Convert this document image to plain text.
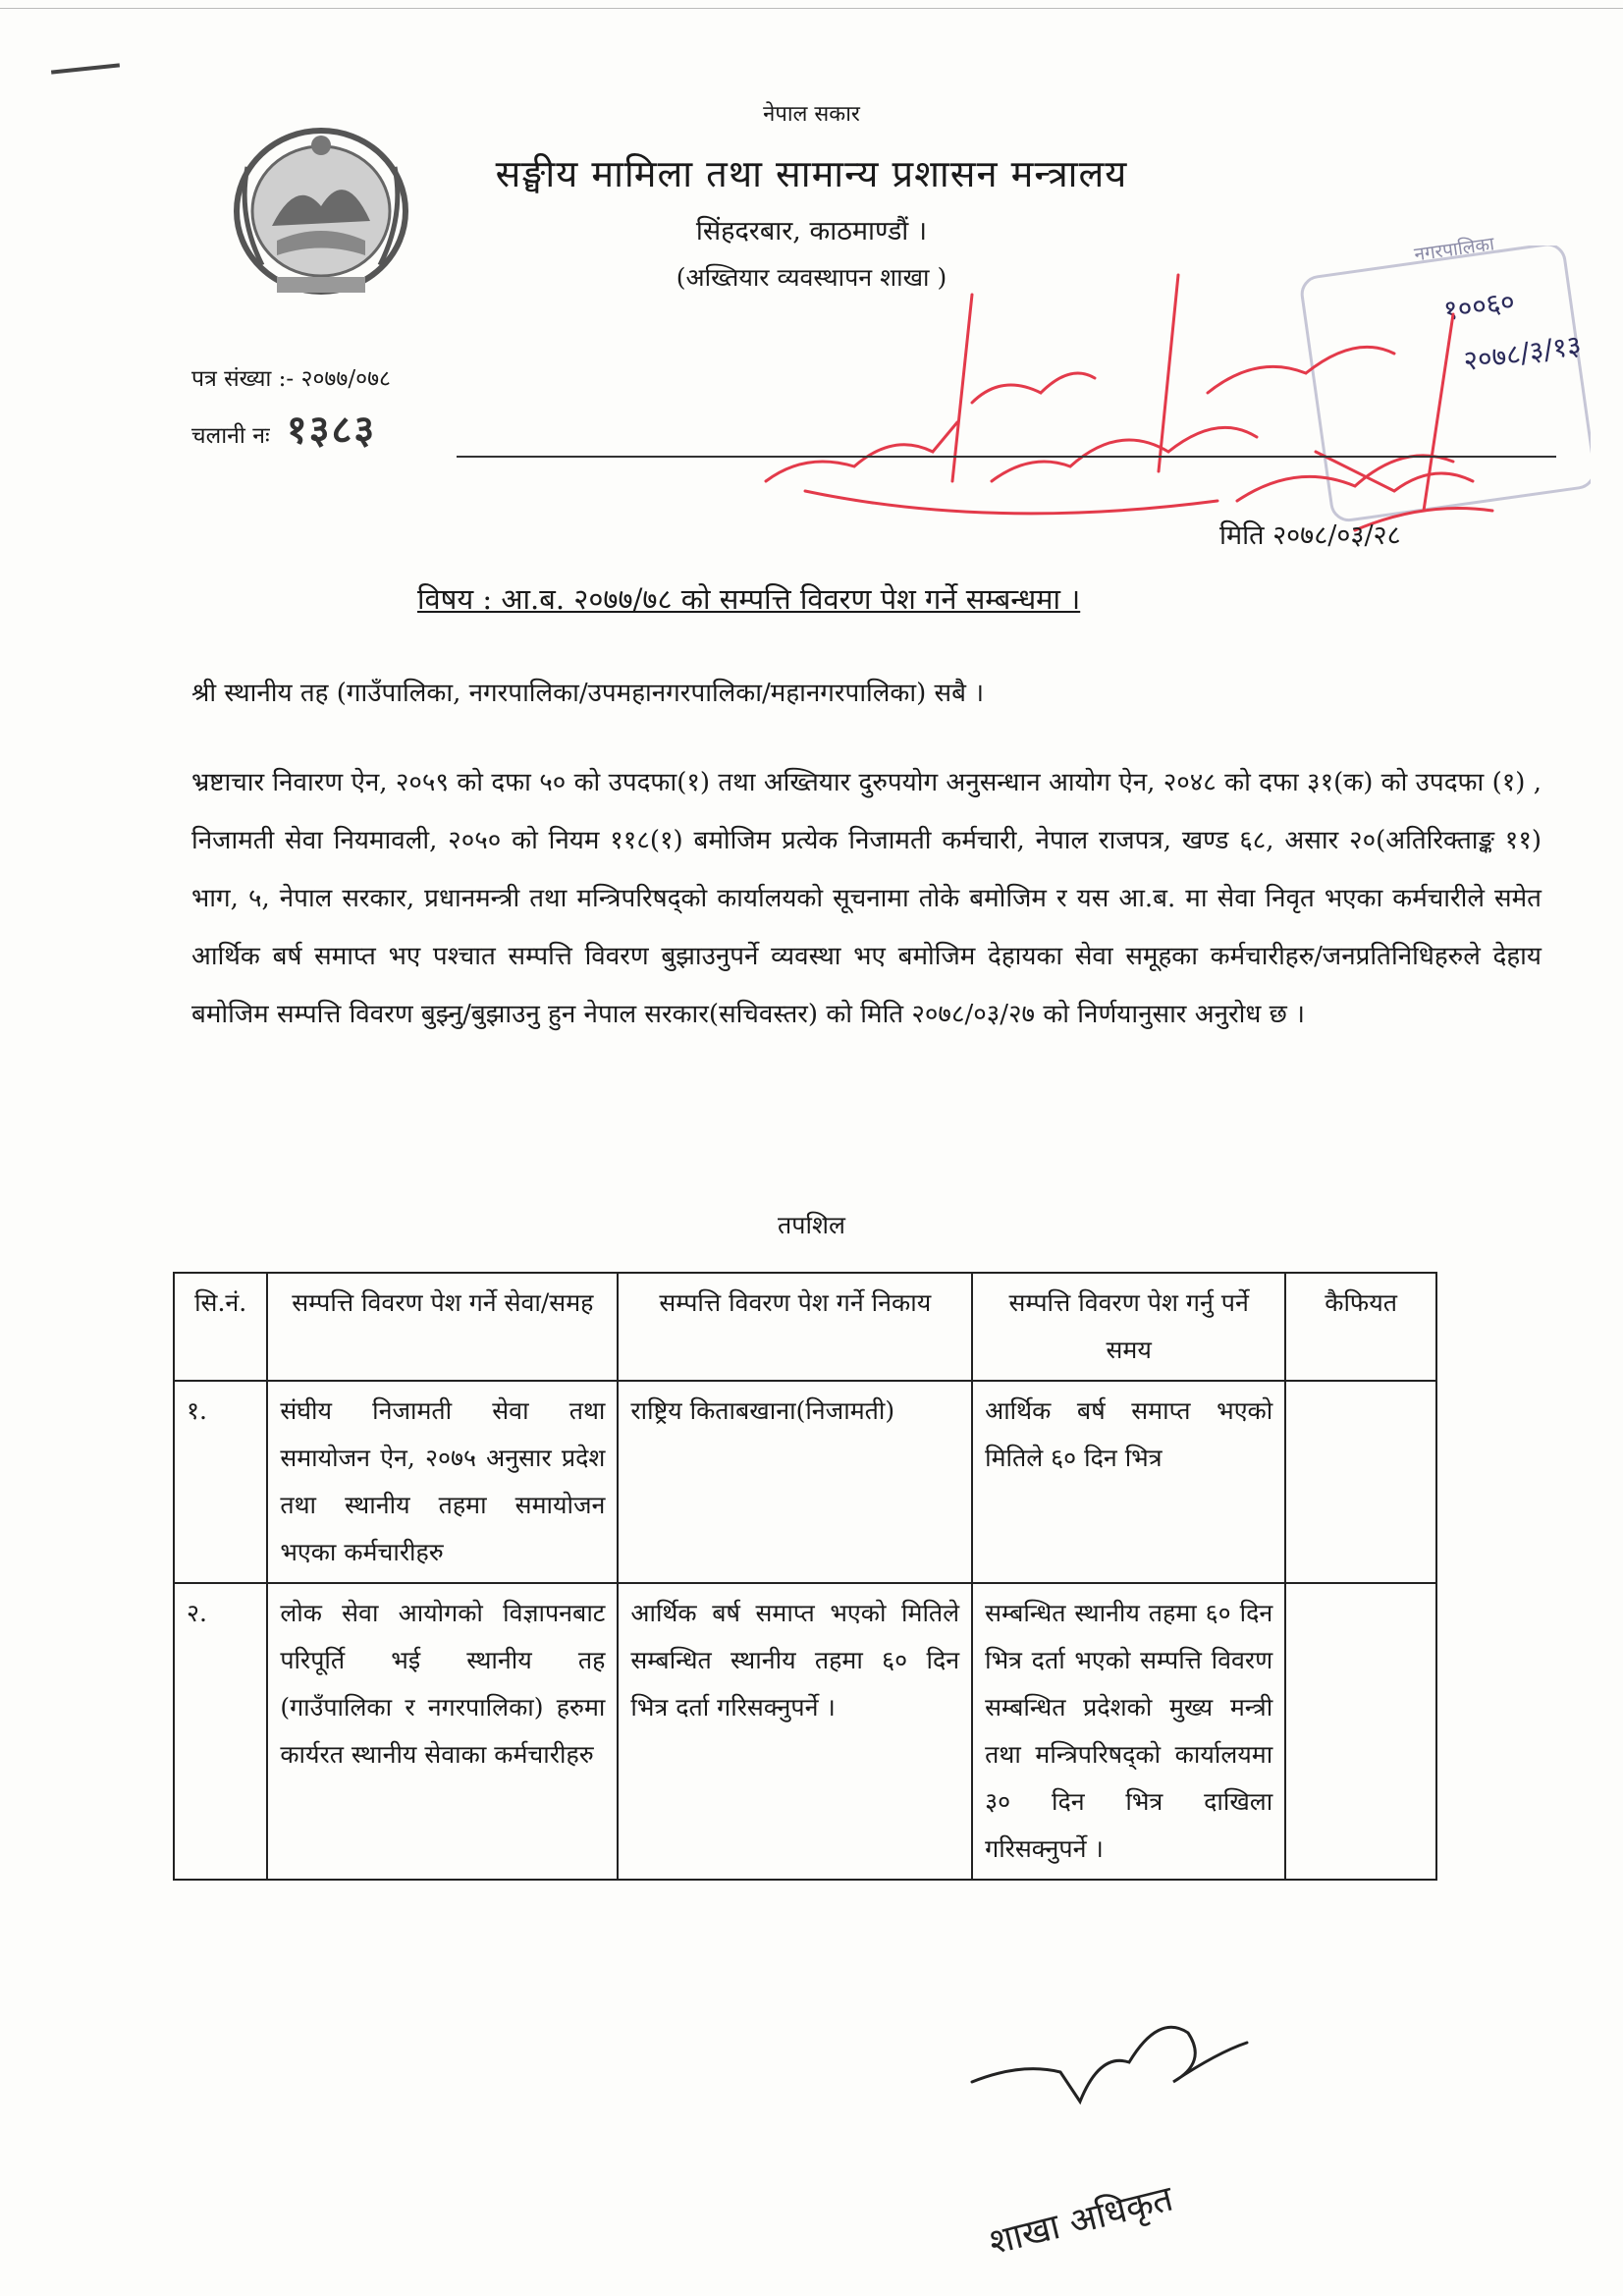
नेपाल सकार
सङ्घीय मामिला तथा सामान्य प्रशासन मन्त्रालय
सिंहदरबार, काठमाण्डौं ।
(अख्तियार व्यवस्थापन शाखा )
नगरपालिका
१००६०
२०७८/३/१३
पत्र संख्या :- २०७७/०७८
चलानी नः १३८३
मिति २०७८/०३/२८
विषय : आ.ब. २०७७/७८ को सम्पत्ति विवरण पेश गर्ने सम्बन्धमा ।
श्री स्थानीय तह (गाउँपालिका, नगरपालिका/उपमहानगरपालिका/महानगरपालिका) सबै ।
भ्रष्टाचार निवारण ऐन, २०५९ को दफा ५० को उपदफा(१) तथा अख्तियार दुरुपयोग अनुसन्धान आयोग ऐन, २०४८ को दफा ३१(क) को उपदफा (१) , निजामती सेवा नियमावली, २०५० को नियम ११८(१) बमोजिम प्रत्येक निजामती कर्मचारी, नेपाल राजपत्र, खण्ड ६८, असार २०(अतिरिक्ताङ्क ११) भाग, ५, नेपाल सरकार, प्रधानमन्त्री तथा मन्त्रिपरिषद्को कार्यालयको सूचनामा तोके बमोजिम र यस आ.ब. मा सेवा निवृत भएका कर्मचारीले समेत आर्थिक बर्ष समाप्त भए पश्चात सम्पत्ति विवरण बुझाउनुपर्ने व्यवस्था भए बमोजिम देहायका सेवा समूहका कर्मचारीहरु/जनप्रतिनिधिहरुले देहाय बमोजिम सम्पत्ति विवरण बुझ्नु/बुझाउनु हुन नेपाल सरकार(सचिवस्तर) को मिति २०७८/०३/२७ को निर्णयानुसार अनुरोध छ ।
तपशिल
सि.नं.	सम्पत्ति विवरण पेश गर्ने सेवा/समह	सम्पत्ति विवरण पेश गर्ने निकाय	सम्पत्ति विवरण पेश गर्नु पर्ने समय	कैफियत
१.	संघीय निजामती सेवा तथा समायोजन ऐन, २०७५ अनुसार प्रदेश तथा स्थानीय तहमा समायोजन भएका कर्मचारीहरु	राष्ट्रिय किताबखाना(निजामती)	आर्थिक बर्ष समाप्त भएको मितिले ६० दिन भित्र	
२.	लोक सेवा आयोगको विज्ञापनबाट परिपूर्ति भई स्थानीय तह (गाउँपालिका र नगरपालिका) हरुमा कार्यरत स्थानीय सेवाका कर्मचारीहरु	आर्थिक बर्ष समाप्त भएको मितिले सम्बन्धित स्थानीय तहमा ६० दिन भित्र दर्ता गरिसक्नुपर्ने ।	सम्बन्धित स्थानीय तहमा ६० दिन भित्र दर्ता भएको सम्पत्ति विवरण सम्बन्धित प्रदेशको मुख्य मन्त्री तथा मन्त्रिपरिषद्को कार्यालयमा ३० दिन भित्र दाखिला गरिसक्नुपर्ने ।	
शाखा अधिकृत
